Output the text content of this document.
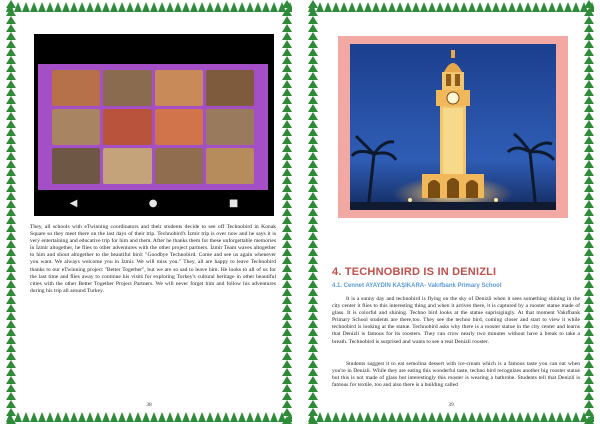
◀	●	■

They, all schools with eTwinning coordinators and their students decide to see off Technobird in Konak Square so they meet there on the last days of their trip. Technobird's İzmir trip is over now and he says it is very entertaining and educative trip for him and them. After he thanks them for these unforgettable memories in İzmir altogether, he flies to other adventures with the other project partners. İzmir Team waves altogether to him and shout altogether to the beautiful bird: "Goodbye Technobird. Come and see us again whenever you want. We always welcome you in İzmir. We will miss you." They, all are happy to leave Technobird thanks to our eTwinning project "Better Together", but we are so sad to leave him. He looks to all of us for the last time and flies away to continue his visits for exploring Turkey's cultural heritage in other beautiful cities with the other Better Together Project Partners. We will never forget him and follow his adventures during his trip all around Turkey.

38
4. TECHNOBIRD IS IN DENIZLI
4.1. Cennet AYAYDIN KAŞIKARA- Vakıfbank Primary School

It is a sunny day and technobird is flying on the sky of Denizli when it sees something shining in the city center it flies to this interesting thing and when it arrives there, it is captured by a rooster statue made of glass. It is colorful and shining. Techno bird looks at the statue suprisigingly. At that moment Vakıfbank Primary School students are there,too. They see the techno bird, coming closer and start to view it while technobird is looking at the statue. Technobird asks why there is a rooster statue in the city center and learns that Denizli is famous for its roosters. They can crow nearly two minutes without have a break to take a breath. Technobird is surprised and wants to see a real Denizli rooster.

Students suggest it to eat semolina dessert with ice-cream which is a famous taste you can eat when you're in Denizli. While they are eating this wonderful taste, techno bird recognizes another big rooster statue but this is not made of glass but interestingly this rooster is wearing a bathrobe. Students tell that Denizli is famous for textile, too and also there is a building called

39
